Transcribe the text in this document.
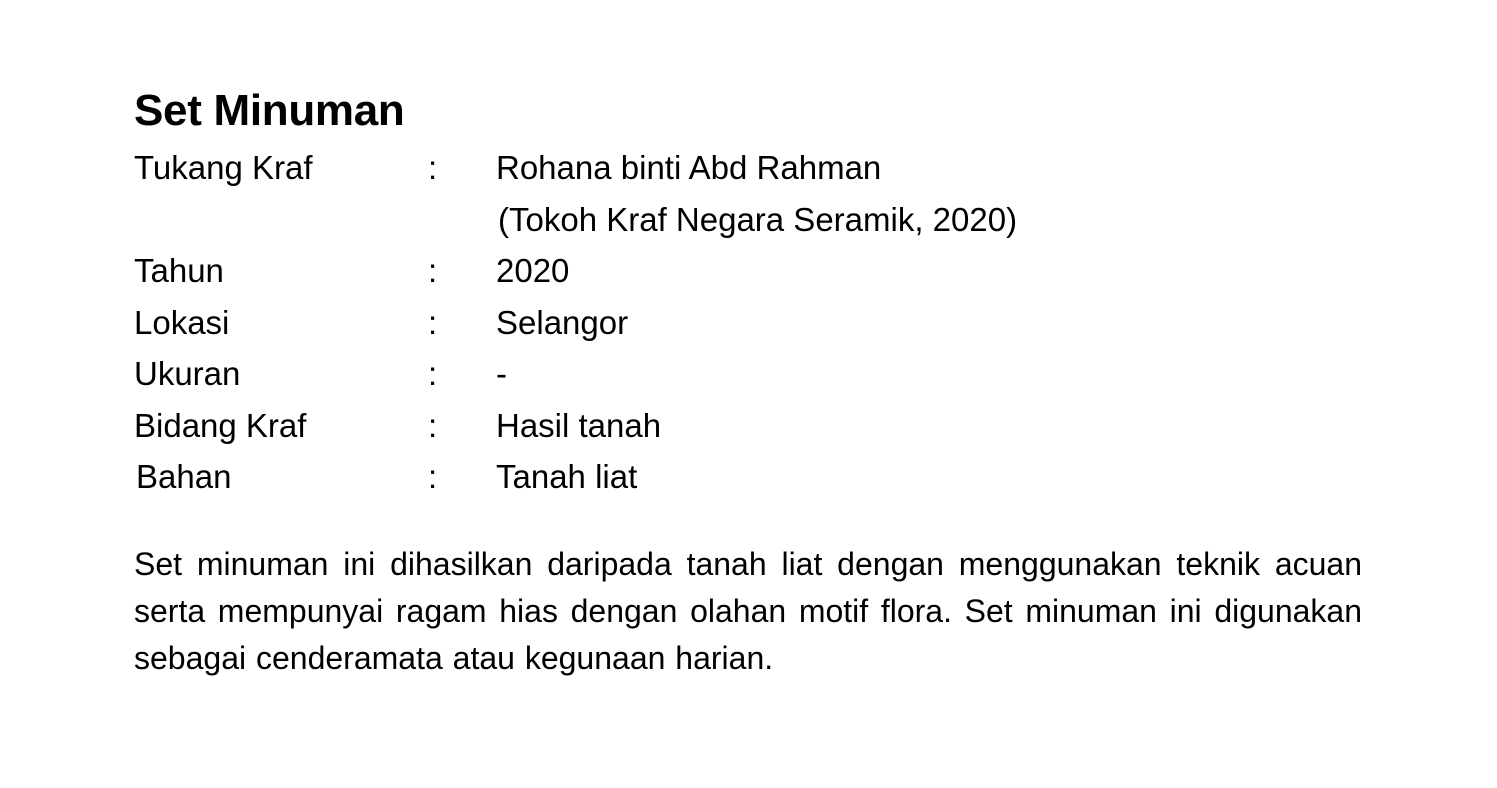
Set Minuman
Tukang Kraf	:	Rohana binti Abd Rahman
(Tokoh Kraf Negara Seramik, 2020)
Tahun	:	2020
Lokasi	:	Selangor
Ukuran	:	-
Bidang Kraf	:	Hasil tanah
Bahan	:	Tanah liat

Set minuman ini dihasilkan daripada tanah liat dengan menggunakan teknik acuan serta mempunyai ragam hias dengan olahan motif flora. Set minuman ini digunakan sebagai cenderamata atau kegunaan harian.
